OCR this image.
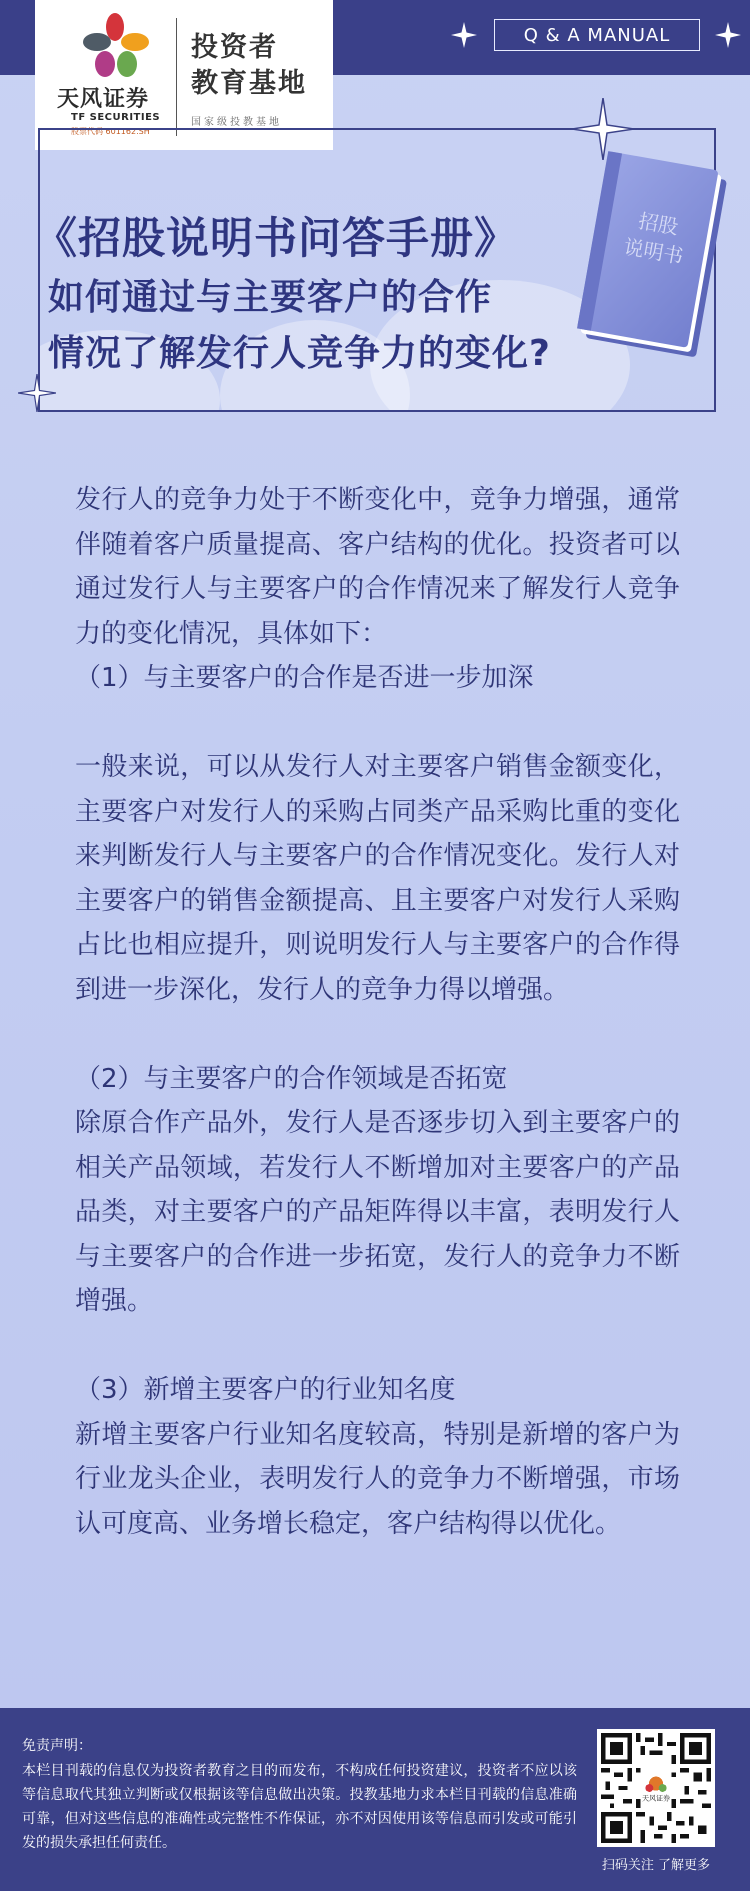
天风证券
TF SECURITIES
股票代码 601162.SH
投资者
教育基地
国家级投教基地
Q & A MANUAL
招股
说明书
《招股说明书问答手册》
如何通过与主要客户的合作
情况了解发行人竞争力的变化?

发行人的竞争力处于不断变化中，竞争力增强，通常伴随着客户质量提高、客户结构的优化。投资者可以通过发行人与主要客户的合作情况来了解发行人竞争力的变化情况，具体如下：

（1）与主要客户的合作是否进一步加深

一般来说，可以从发行人对主要客户销售金额变化，主要客户对发行人的采购占同类产品采购比重的变化来判断发行人与主要客户的合作情况变化。发行人对主要客户的销售金额提高、且主要客户对发行人采购占比也相应提升，则说明发行人与主要客户的合作得到进一步深化，发行人的竞争力得以增强。

（2）与主要客户的合作领域是否拓宽

除原合作产品外，发行人是否逐步切入到主要客户的相关产品领域，若发行人不断增加对主要客户的产品品类，对主要客户的产品矩阵得以丰富，表明发行人与主要客户的合作进一步拓宽，发行人的竞争力不断增强。

（3）新增主要客户的行业知名度

新增主要客户行业知名度较高，特别是新增的客户为行业龙头企业，表明发行人的竞争力不断增强，市场认可度高、业务增长稳定，客户结构得以优化。

免责声明：
本栏目刊载的信息仅为投资者教育之目的而发布，不构成任何投资建议，投资者不应以该等信息取代其独立判断或仅根据该等信息做出决策。投教基地力求本栏目刊载的信息准确可靠，但对这些信息的准确性或完整性不作保证，亦不对因使用该等信息而引发或可能引发的损失承担任何责任。
天风证券
扫码关注 了解更多
